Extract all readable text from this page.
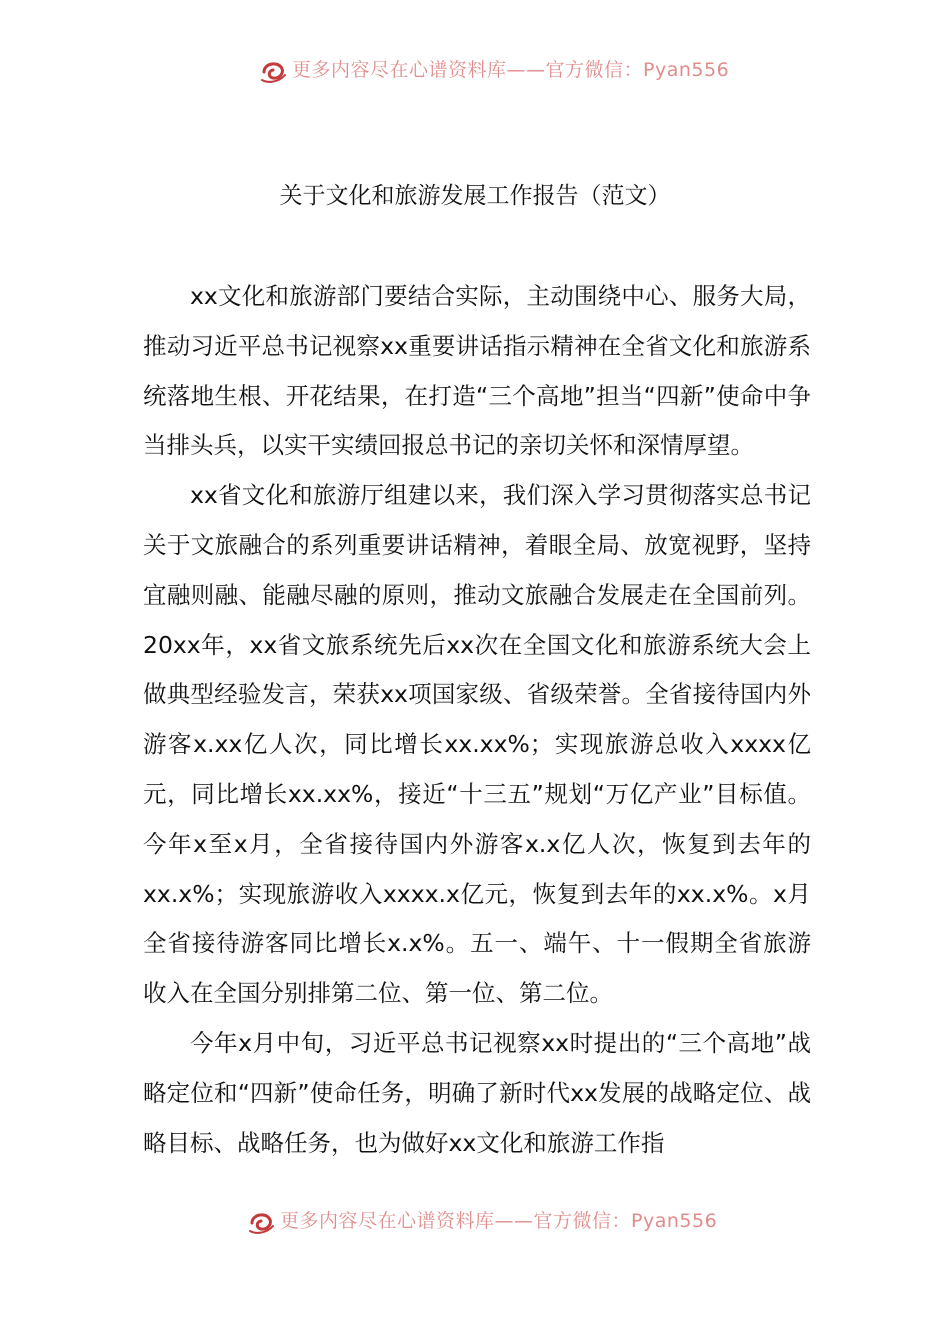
更多内容尽在心谱资料库——官方微信：Pyan556
关于文化和旅游发展工作报告（范文）

xx文化和旅游部门要结合实际，主动围绕中心、服务大局，推动习近平总书记视察xx重要讲话指示精神在全省文化和旅游系统落地生根、开花结果，在打造“三个高地”担当“四新”使命中争当排头兵，以实干实绩回报总书记的亲切关怀和深情厚望。

xx省文化和旅游厅组建以来，我们深入学习贯彻落实总书记关于文旅融合的系列重要讲话精神，着眼全局、放宽视野，坚持宜融则融、能融尽融的原则，推动文旅融合发展走在全国前列。20xx年，xx省文旅系统先后xx次在全国文化和旅游系统大会上做典型经验发言，荣获xx项国家级、省级荣誉。全省接待国内外游客x.xx亿人次，同比增长xx.xx%；实现旅游总收入xxxx亿元，同比增长xx.xx%，接近“十三五”规划“万亿产业”目标值。今年x至x月，全省接待国内外游客x.x亿人次，恢复到去年的xx.x%；实现旅游收入xxxx.x亿元，恢复到去年的xx.x%。x月全省接待游客同比增长x.x%。五一、端午、十一假期全省旅游收入在全国分别排第二位、第一位、第二位。

今年x月中旬，习近平总书记视察xx时提出的“三个高地”战略定位和“四新”使命任务，明确了新时代xx发展的战略定位、战略目标、战略任务，也为做好xx文化和旅游工作指

更多内容尽在心谱资料库——官方微信：Pyan556
